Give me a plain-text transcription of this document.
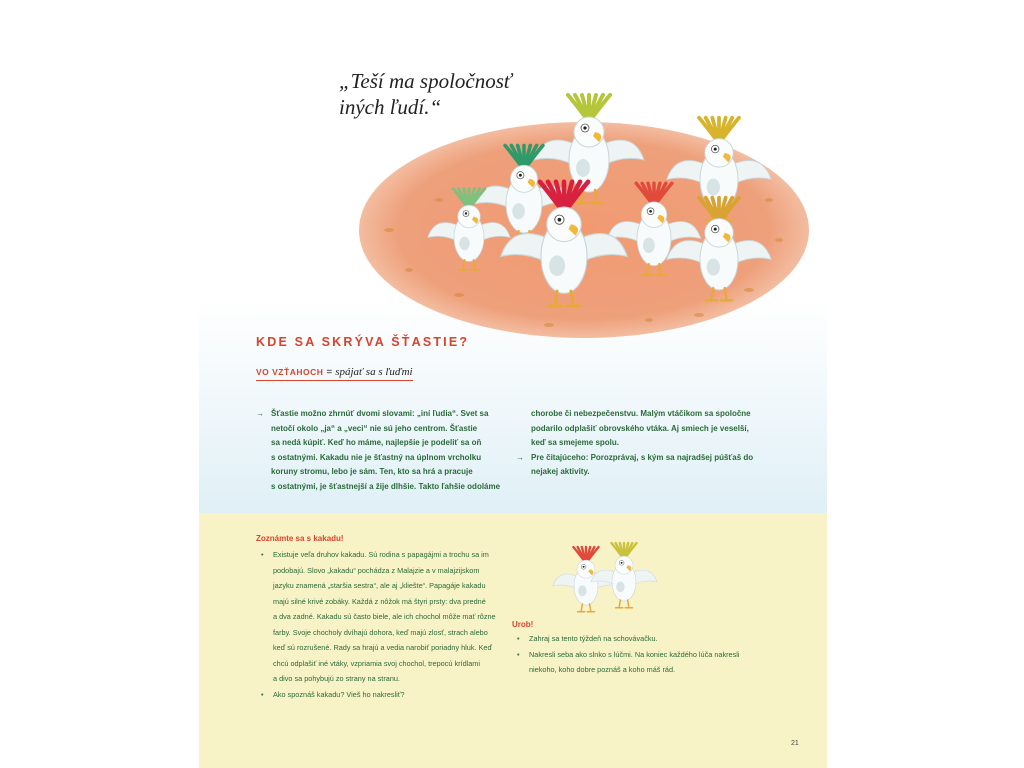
„Teší ma spoločnosť
iných ľudí.“
KDE SA SKRÝVA ŠŤASTIE?
VO VZŤAHOCH = spájať sa s ľuďmi
→ Šťastie možno zhrnúť dvomi slovami: „iní ľudia“. Svet sa
netočí okolo „ja“ a „veci“ nie sú jeho centrom. Šťastie
sa nedá kúpiť. Keď ho máme, najlepšie je podeliť sa oň
s ostatnými. Kakadu nie je šťastný na úplnom vrcholku
koruny stromu, lebo je sám. Ten, kto sa hrá a pracuje
s ostatnými, je šťastnejší a žije dlhšie. Takto ľahšie odoláme
chorobe či nebezpečenstvu. Malým vtáčikom sa spoločne
podarilo odplašiť obrovského vtáka. Aj smiech je veselší,
keď sa smejeme spolu.
→ Pre čitajúceho: Porozprávaj, s kým sa najradšej púšťaš do
nejakej aktivity.
Zoznámte sa s kakadu!
• Existuje veľa druhov kakadu. Sú rodina s papagájmi a trochu sa im
podobajú. Slovo „kakadu“ pochádza z Malajzie a v malajzijskom
jazyku znamená „staršia sestra“, ale aj „kliešte“. Papagáje kakadu
majú silné krivé zobáky. Každá z nôžok má štyri prsty: dva predné
a dva zadné. Kakadu sú často biele, ale ich chochol môže mať rôzne
farby. Svoje chocholy dvíhajú dohora, keď majú zlosť, strach alebo
keď sú rozrušené. Rady sa hrajú a vedia narobiť poriadny hluk. Keď
chcú odplašiť iné vtáky, vzpriamia svoj chochol, trepocú krídlami
a divo sa pohybujú zo strany na stranu.
• Ako spoznáš kakadu? Vieš ho nakresliť?
Urob!
• Zahraj sa tento týždeň na schovávačku.
• Nakresli seba ako slnko s lúčmi. Na koniec každého lúča nakresli
niekoho, koho dobre poznáš a koho máš rád.
21
